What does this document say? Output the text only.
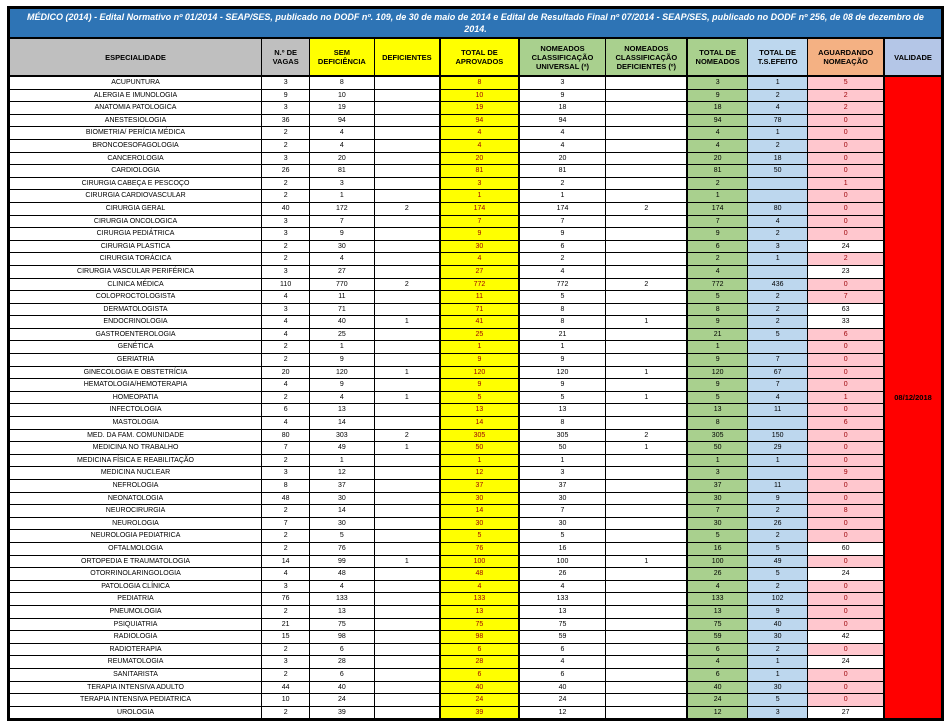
MÉDICO (2014) - Edital Normativo nº 01/2014 - SEAP/SES, publicado no DODF nº. 109, de 30 de maio de 2014 e Edital de Resultado Final nº 07/2014 - SEAP/SES, publicado no DODF nº 256, de 08 de dezembro de 2014.										
ESPECIALIDADE	N.º DE VAGAS	SEM DEFICIÊNCIA	DEFICIENTES	TOTAL DE APROVADOS	NOMEADOS CLASSIFICAÇÃO UNIVERSAL (ª)	NOMEADOS CLASSIFICAÇÃO DEFICIENTES (º)	TOTAL DE NOMEADOS	TOTAL DE T.S.EFEITO	AGUARDANDO NOMEAÇÃO	VALIDADE
ACUPUNTURA	3	8		8	3		3	1	5	08/12/2018
ALERGIA E IMUNOLOGIA	9	10		10	9		9	2	2	
ANATOMIA PATOLOGICA	3	19		19	18		18	4	2	
ANESTESIOLOGIA	36	94		94	94		94	78	0	
BIOMETRIA/ PERÍCIA MÉDICA	2	4		4	4		4	1	0	
BRONCOESOFAGOLOGIA	2	4		4	4		4	2	0	
CANCEROLOGIA	3	20		20	20		20	18	0	
CARDIOLOGIA	26	81		81	81		81	50	0	
CIRURGIA CABEÇA E PESCOÇO	2	3		3	2		2		1	
CIRURGIA CARDIOVASCULAR	2	1		1	1		1		0	
CIRURGIA GERAL	40	172	2	174	174	2	174	80	0	
CIRURGIA ONCOLOGICA	3	7		7	7		7	4	0	
CIRURGIA PEDIÁTRICA	3	9		9	9		9	2	0	
CIRURGIA PLASTICA	2	30		30	6		6	3	24	
CIRURGIA TORÁCICA	2	4		4	2		2	1	2	
CIRURGIA VASCULAR PERIFÉRICA	3	27		27	4		4		23	
CLINICA MÉDICA	110	770	2	772	772	2	772	436	0	
COLOPROCTOLOGISTA	4	11		11	5		5	2	7	
DERMATOLOGISTA	3	71		71	8		8	2	63	
ENDOCRINOLOGIA	4	40	1	41	8	1	9	2	33	
GASTROENTEROLOGIA	4	25		25	21		21	5	6	
GENÉTICA	2	1		1	1		1		0	
GERIATRIA	2	9		9	9		9	7	0	
GINECOLOGIA E OBSTETRÍCIA	20	120	1	120	120	1	120	67	0	
HEMATOLOGIA/HEMOTERAPIA	4	9		9	9		9	7	0	
HOMEOPATIA	2	4	1	5	5	1	5	4	1	
INFECTOLOGIA	6	13		13	13		13	11	0	
MASTOLOGIA	4	14		14	8		8		6	
MED. DA FAM. COMUNIDADE	80	303	2	305	305	2	305	150	0	
MEDICINA NO TRABALHO	7	49	1	50	50	1	50	29	0	
MEDICINA FÍSICA E REABILITAÇÃO	2	1		1	1		1	1	0	
MEDICINA NUCLEAR	3	12		12	3		3		9	
NEFROLOGIA	8	37		37	37		37	11	0	
NEONATOLOGIA	48	30		30	30		30	9	0	
NEUROCIRURGIA	2	14		14	7		7	2	8	
NEUROLOGIA	7	30		30	30		30	26	0	
NEUROLOGIA PEDIATRICA	2	5		5	5		5	2	0	
OFTALMOLOGIA	2	76		76	16		16	5	60	
ORTOPEDIA E TRAUMATOLOGIA	14	99	1	100	100	1	100	49	0	
OTORRINOLARINGOLOGIA	4	48		48	26		26	5	24	
PATOLOGIA CLÍNICA	3	4		4	4		4	2	0	
PEDIATRIA	76	133		133	133		133	102	0	
PNEUMOLOGIA	2	13		13	13		13	9	0	
PSIQUIATRIA	21	75		75	75		75	40	0	
RADIOLOGIA	15	98		98	59		59	30	42	
RADIOTERAPIA	2	6		6	6		6	2	0	
REUMATOLOGIA	3	28		28	4		4	1	24	
SANITARISTA	2	6		6	6		6	1	0	
TERAPIA INTENSIVA ADULTO	44	40		40	40		40	30	0	
TERAPIA INTENSIVA PEDIATRICA	10	24		24	24		24	5	0	
UROLOGIA	2	39		39	12		12	3	27	
